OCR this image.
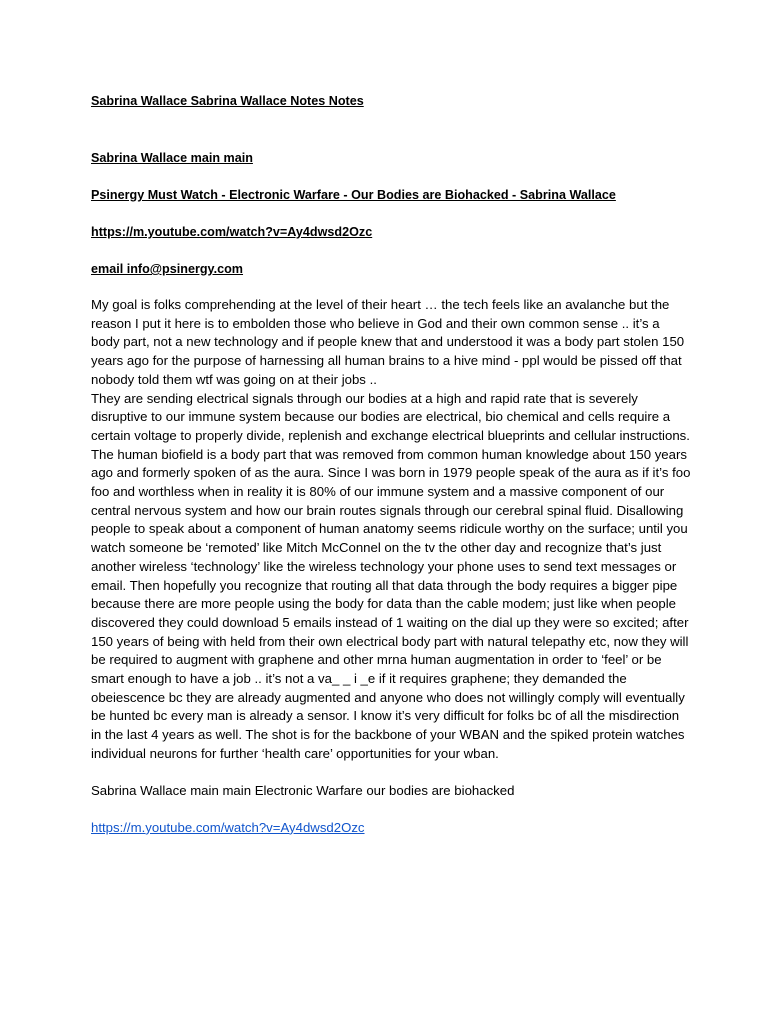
Sabrina Wallace Sabrina Wallace Notes Notes

Sabrina Wallace main main

Psinergy Must Watch - Electronic Warfare - Our Bodies are Biohacked - Sabrina Wallace

https://m.youtube.com/watch?v=Ay4dwsd2Ozc

email info@psinergy.com

My goal is folks comprehending at the level of their heart … the tech feels like an avalanche but the reason I put it here is to embolden those who believe in God and their own common sense .. it’s a body part, not a new technology and if people knew that and understood it was a body part stolen 150 years ago for the purpose of harnessing all human brains to a hive mind - ppl would be pissed off that nobody told them wtf was going on at their jobs ..

They are sending electrical signals through our bodies at a high and rapid rate that is severely disruptive to our immune system because our bodies are electrical, bio chemical and cells require a certain voltage to properly divide, replenish and exchange electrical blueprints and cellular instructions. The human biofield is a body part that was removed from common human knowledge about 150 years ago and formerly spoken of as the aura. Since I was born in 1979 people speak of the aura as if it’s foo foo and worthless when in reality it is 80% of our immune system and a massive component of our central nervous system and how our brain routes signals through our cerebral spinal fluid. Disallowing people to speak about a component of human anatomy seems ridicule worthy on the surface; until you watch someone be ‘remoted’ like Mitch McConnel on the tv the other day and recognize that’s just another wireless ‘technology’ like the wireless technology your phone uses to send text messages or email. Then hopefully you recognize that routing all that data through the body requires a bigger pipe because there are more people using the body for data than the cable modem; just like when people discovered they could download 5 emails instead of 1 waiting on the dial up they were so excited; after 150 years of being with held from their own electrical body part with natural telepathy etc, now they will be required to augment with graphene and other mrna human augmentation in order to ‘feel’ or be smart enough to have a job .. it’s not a va_ _ i _e if it requires graphene; they demanded the obeiescence bc they are already augmented and anyone who does not willingly comply will eventually be hunted bc every man is already a sensor. I know it’s very difficult for folks bc of all the misdirection in the last 4 years as well. The shot is for the backbone of your WBAN and the spiked protein watches individual neurons for further ‘health care’ opportunities for your wban.

Sabrina Wallace main main Electronic Warfare our bodies are biohacked

https://m.youtube.com/watch?v=Ay4dwsd2Ozc
